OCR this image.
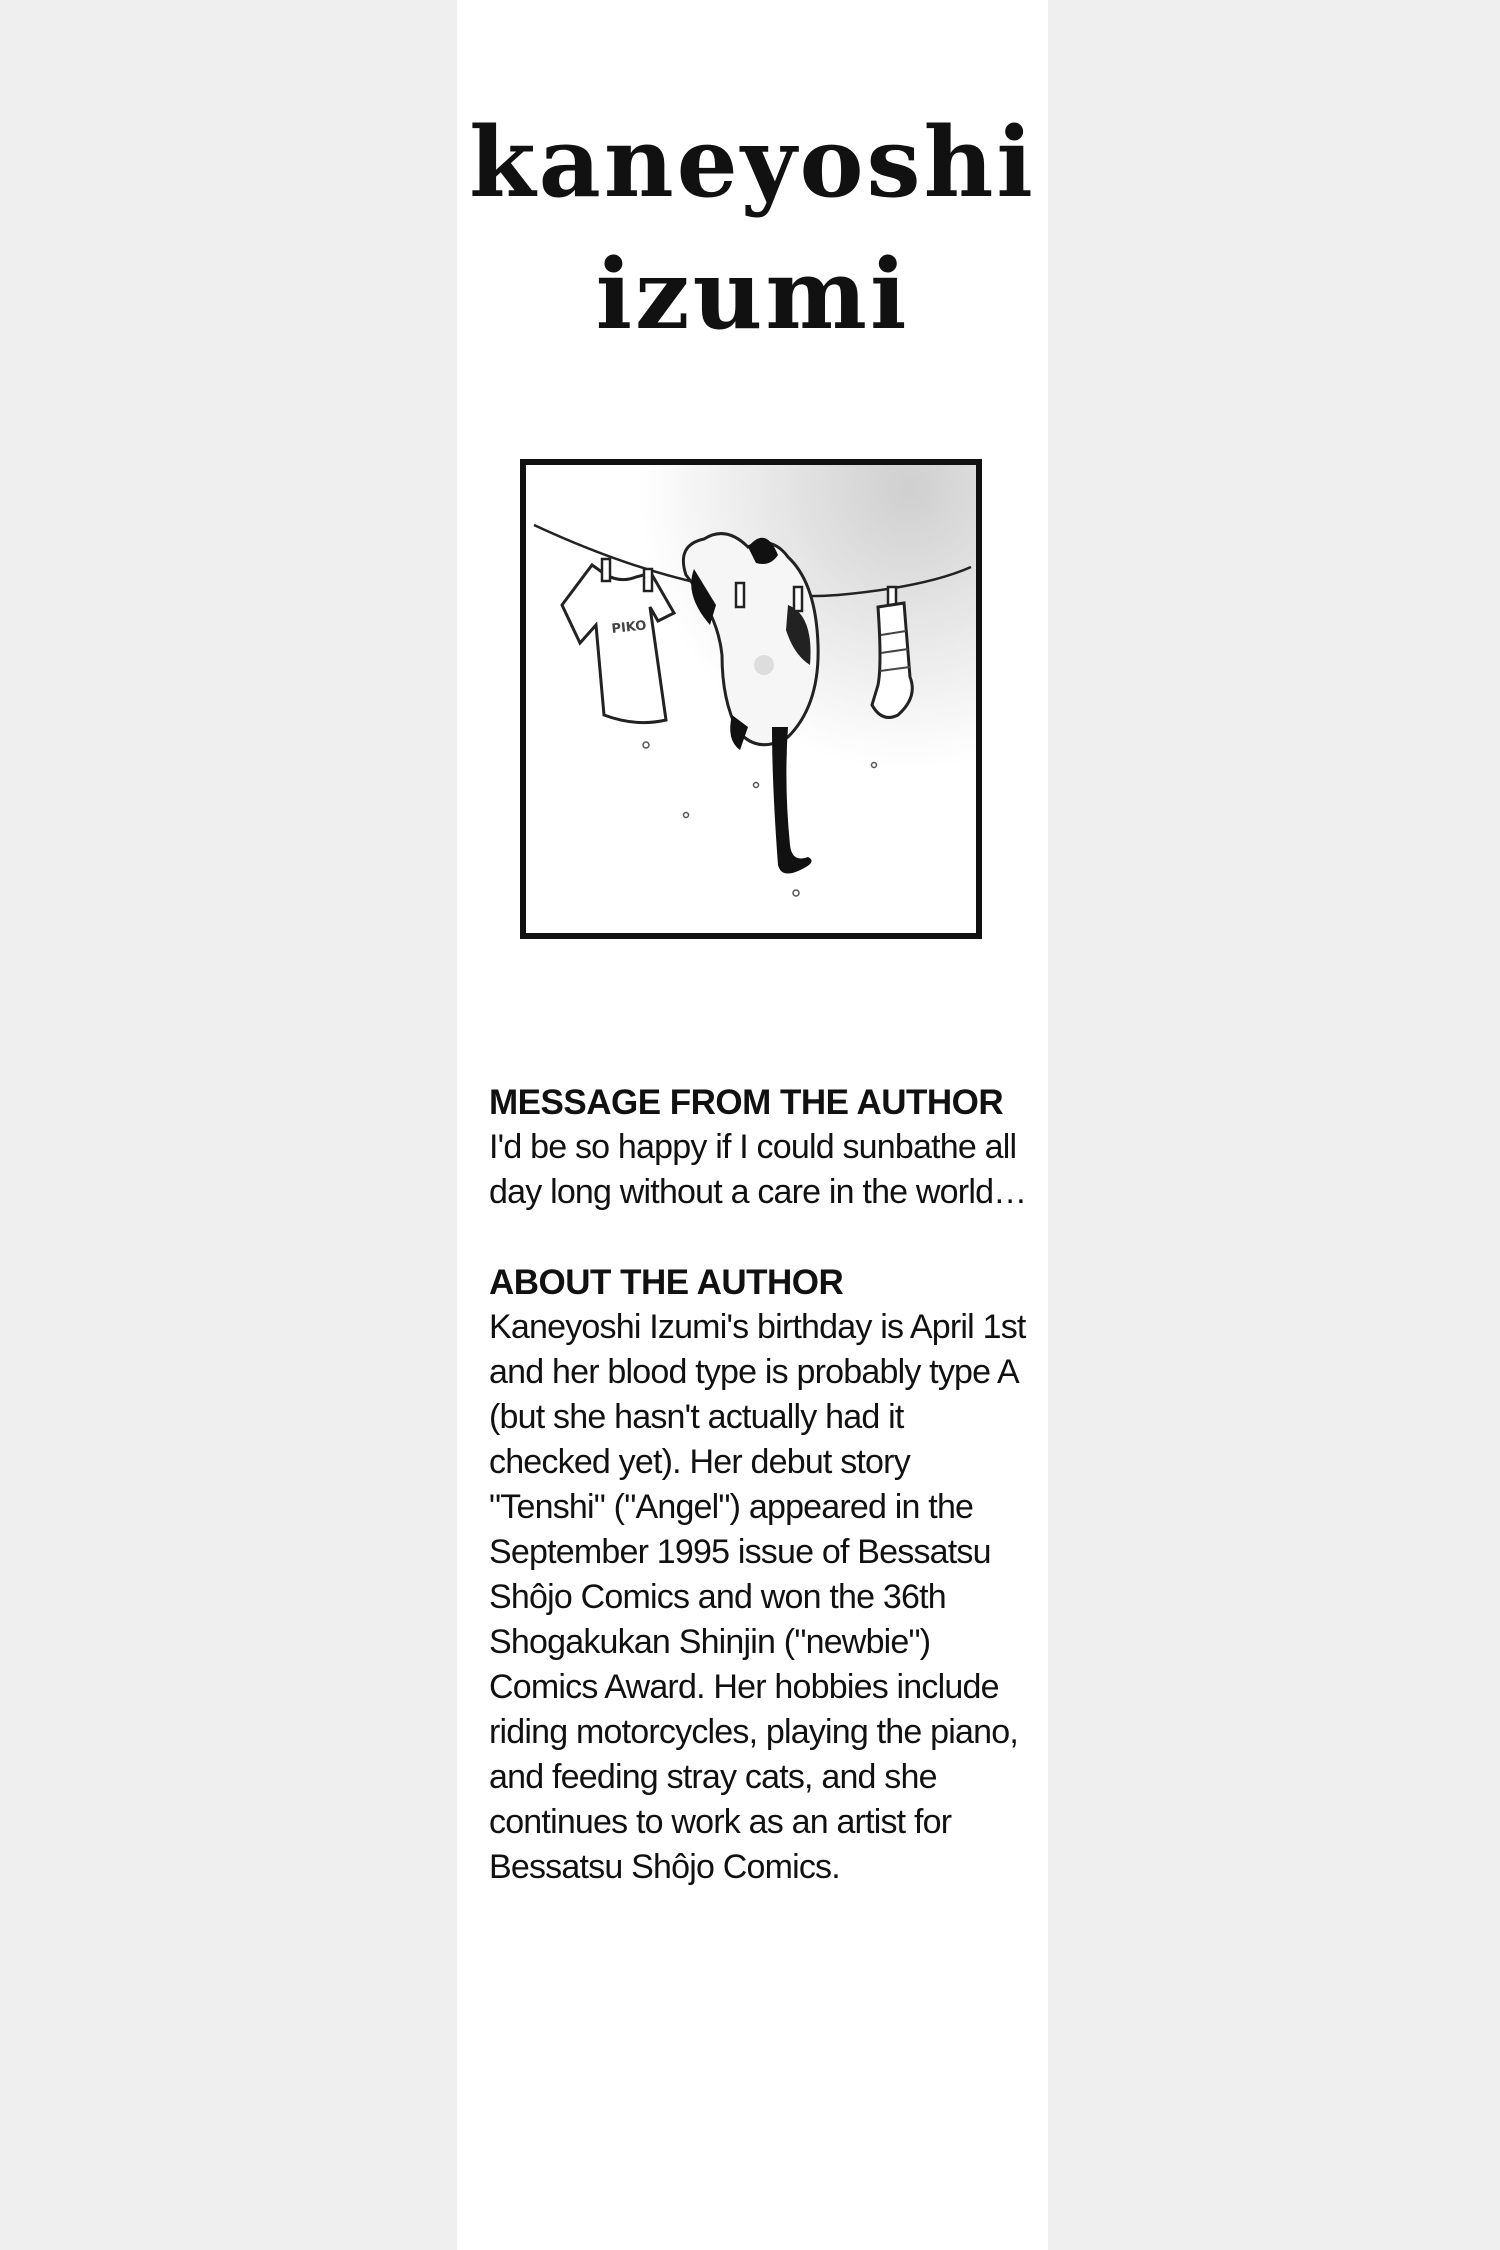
kaneyoshi
izumi
PIKO

MESSAGE FROM THE AUTHOR

I'd be so happy if I could sunbathe all day long without a care in the world…

ABOUT THE AUTHOR

Kaneyoshi Izumi's birthday is April 1st and her blood type is probably type A (but she hasn't actually had it checked yet). Her debut story "Tenshi" ("Angel") appeared in the September 1995 issue of Bessatsu Shôjo Comics and won the 36th Shogakukan Shinjin ("newbie") Comics Award. Her hobbies include riding motorcycles, playing the piano, and feeding stray cats, and she continues to work as an artist for Bessatsu Shôjo Comics.
